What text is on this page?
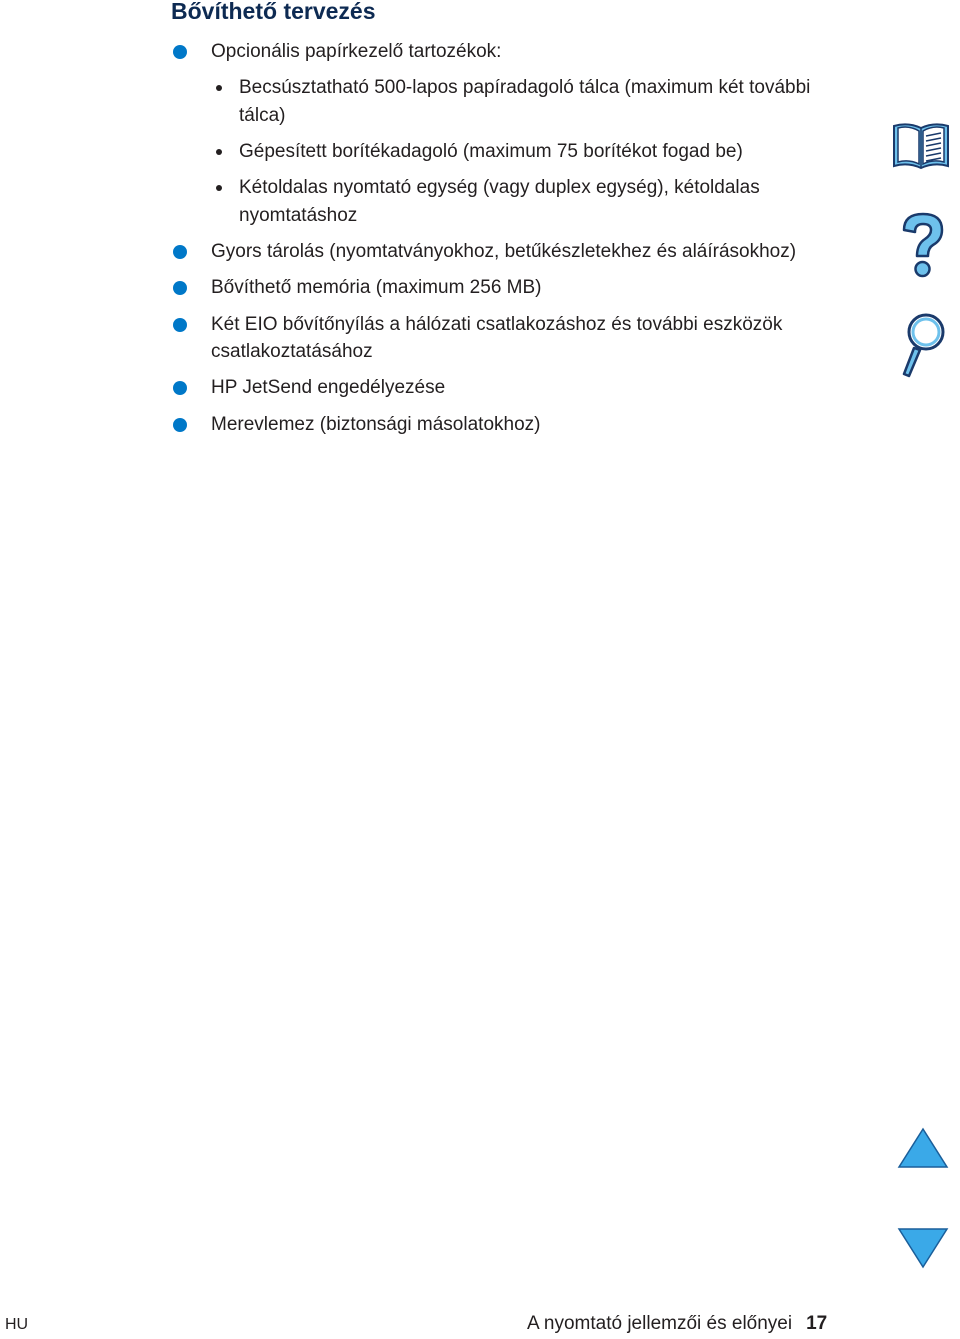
Bővíthető tervezés
Opcionális papírkezelő tartozékok:
Becsúsztatható 500-lapos papíradagoló tálca (maximum két további
tálca)
Gépesített borítékadagoló (maximum 75 borítékot fogad be)
Kétoldalas nyomtató egység (vagy duplex egység), kétoldalas
nyomtatáshoz
Gyors tárolás (nyomtatványokhoz, betűkészletekhez és aláírásokhoz)
Bővíthető memória (maximum 256 MB)
Két EIO bővítőnyílás a hálózati csatlakozáshoz és további eszközök
csatlakoztatásához
HP JetSend engedélyezése
Merevlemez (biztonsági másolatokhoz)
HU	A nyomtató jellemzői és előnyei 17
